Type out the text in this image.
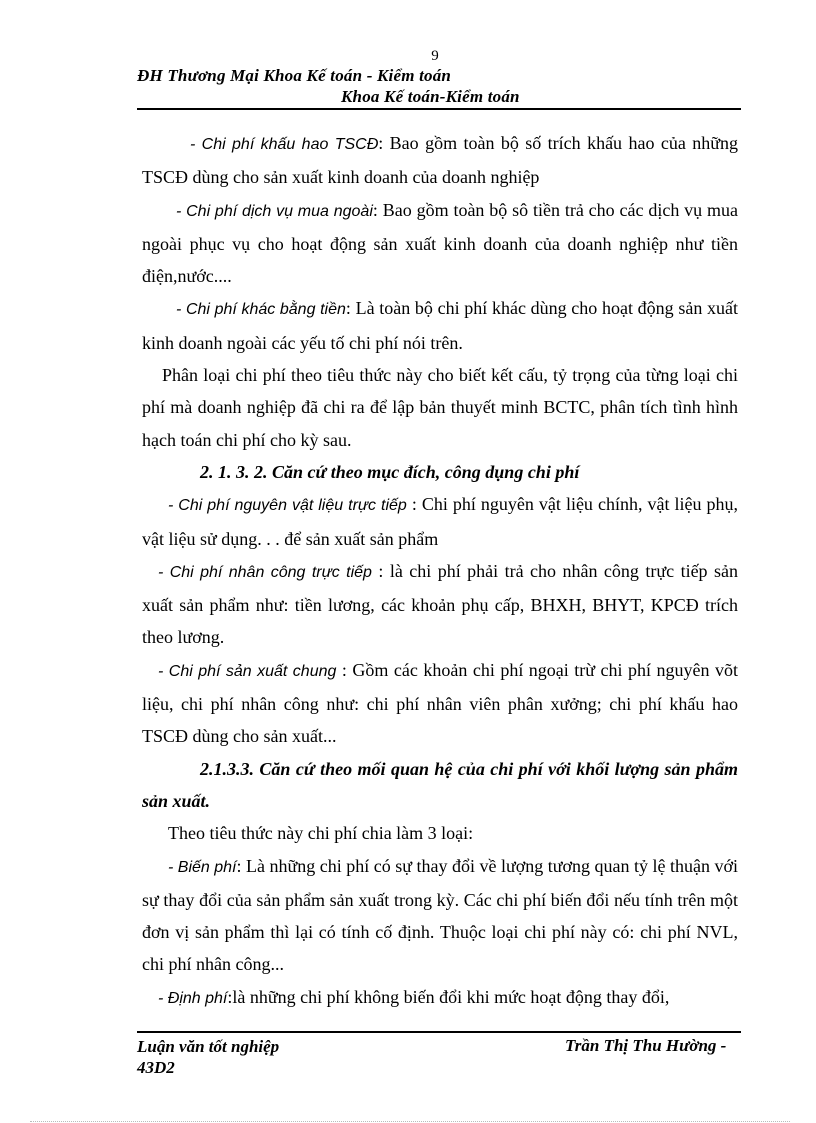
9
ĐH Thương Mại Khoa Kế toán - Kiểm toán
Khoa Kế toán-Kiểm toán

- Chi phí khấu hao TSCĐ: Bao gồm toàn bộ số trích khấu hao của những TSCĐ dùng cho sản xuất kinh doanh của doanh nghiệp

- Chi phí dịch vụ mua ngoài: Bao gồm toàn bộ sô tiền trả cho các dịch vụ mua ngoài phục vụ cho hoạt động sản xuất kinh doanh của doanh nghiệp như tiền điện,nước....

- Chi phí khác bằng tiền: Là toàn bộ chi phí khác dùng cho hoạt động sản xuất kinh doanh ngoài các yếu tố chi phí nói trên.

Phân loại chi phí theo tiêu thức này cho biết kết cấu, tỷ trọng của từng loại chi phí mà doanh nghiệp đã chi ra để lập bản thuyết minh BCTC, phân tích tình hình hạch toán chi phí cho kỳ sau.

2. 1. 3. 2. Căn cứ theo mục đích, công dụng chi phí

- Chi phí nguyên vật liệu trực tiếp : Chi phí nguyên vật liệu chính, vật liệu phụ, vật liệu sử dụng. . . để sản xuất sản phẩm

- Chi phí nhân công trực tiếp : là chi phí phải trả cho nhân công trực tiếp sản xuất sản phẩm như: tiền lương, các khoản phụ cấp, BHXH, BHYT, KPCĐ trích theo lương.

- Chi phí sản xuất chung : Gồm các khoản chi phí ngoại trừ chi phí nguyên võt liệu, chi phí nhân công như: chi phí nhân viên phân xưởng; chi phí khấu hao TSCĐ dùng cho sản xuất...

2.1.3.3. Căn cứ theo mối quan hệ của chi phí với khối lượng sản phẩm sản xuất.

Theo tiêu thức này chi phí chia làm 3 loại:

- Biến phí: Là những chi phí có sự thay đổi về lượng tương quan tỷ lệ thuận với sự thay đổi của sản phẩm sản xuất trong kỳ. Các chi phí biến đổi nếu tính trên một đơn vị sản phẩm thì lại có tính cố định. Thuộc loại chi phí này có: chi phí NVL, chi phí nhân công...

- Định phí:là những chi phí không biến đổi khi mức hoạt động thay đổi,

Luận văn tốt nghiệp
43D2
Trần Thị Thu Hường -
